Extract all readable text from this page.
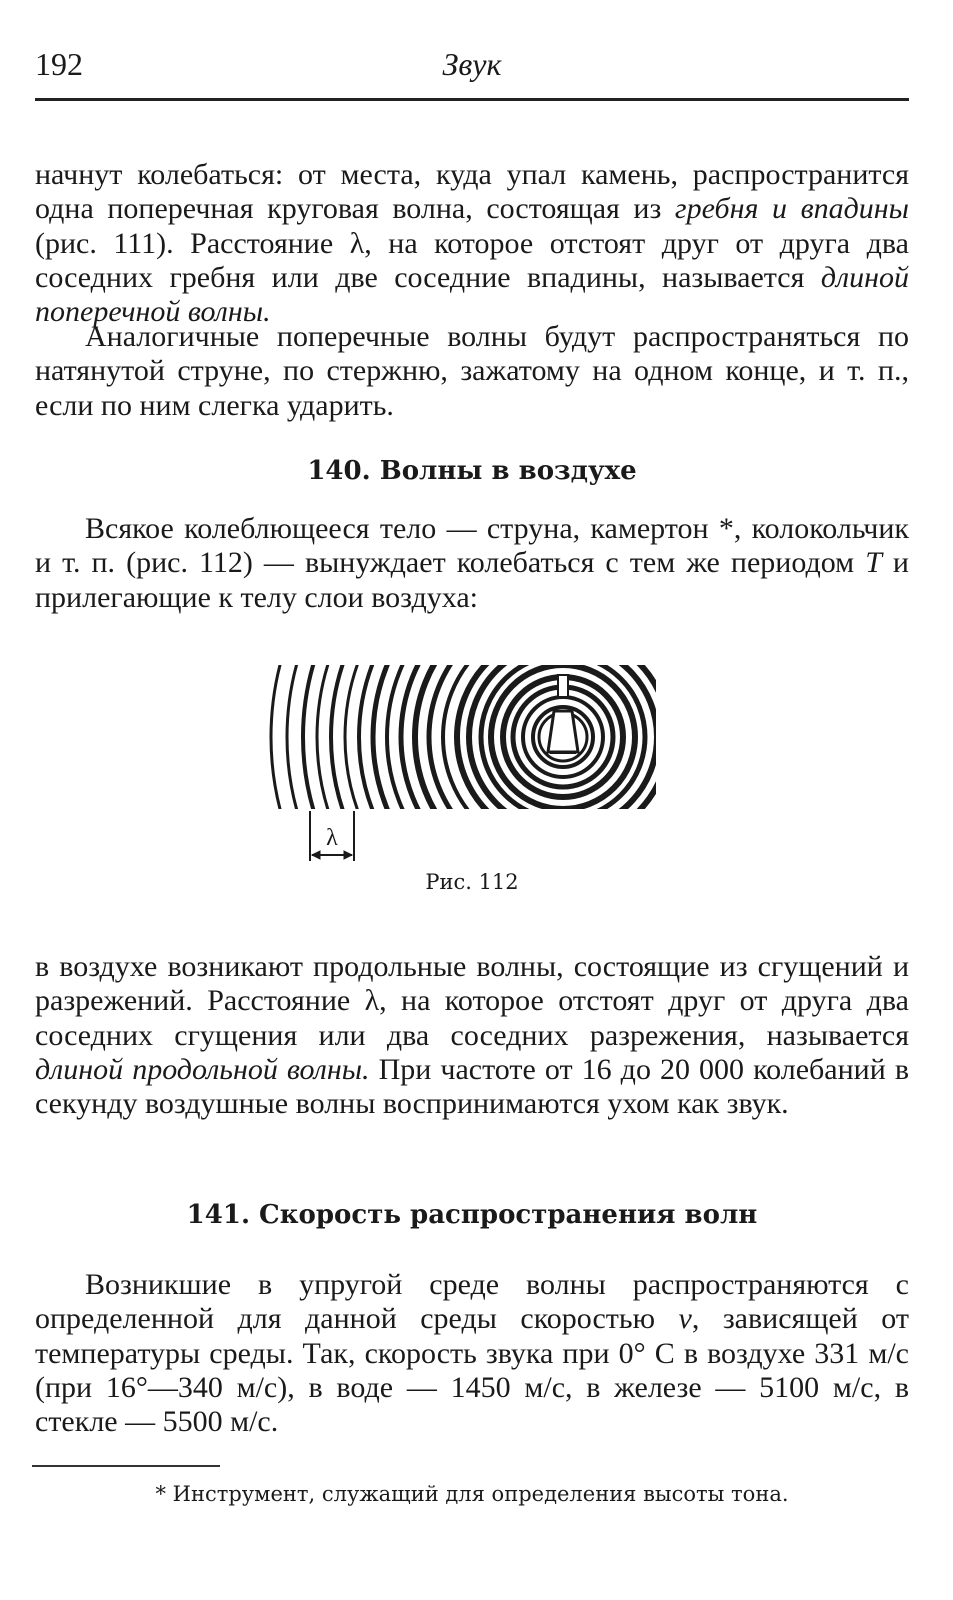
192	Звук

начнут колебаться: от места, куда упал камень, распространится одна поперечная круговая волна, состоящая из гребня и впадины (рис. 111). Расстояние λ, на которое отстоят друг от друга два соседних гребня или две соседние впадины, называется длиной поперечной волны.

Аналогичные поперечные волны будут распространяться по натянутой струне, по стержню, зажатому на одном конце, и т. п., если по ним слегка ударить.

140. Волны в воздухе

Всякое колеблющееся тело — струна, камертон *, колокольчик и т. п. (рис. 112) — вынуждает колебаться с тем же периодом T и прилегающие к телу слои воздуха:

λ
Рис. 112

в воздухе возникают продольные волны, состоящие из сгущений и разрежений. Расстояние λ, на которое отстоят друг от друга два соседних сгущения или два соседних разрежения, называется длиной продольной волны. При частоте от 16 до 20 000 колебаний в секунду воздушные волны воспринимаются ухом как звук.

141. Скорость распространения волн

Возникшие в упругой среде волны распространяются с определенной для данной среды скоростью v, зависящей от температуры среды. Так, скорость звука при 0° С в воздухе 331 м/с (при 16°—340 м/с), в воде — 1450 м/с, в железе — 5100 м/с, в стекле — 5500 м/с.

* Инструмент, служащий для определения высоты тона.
